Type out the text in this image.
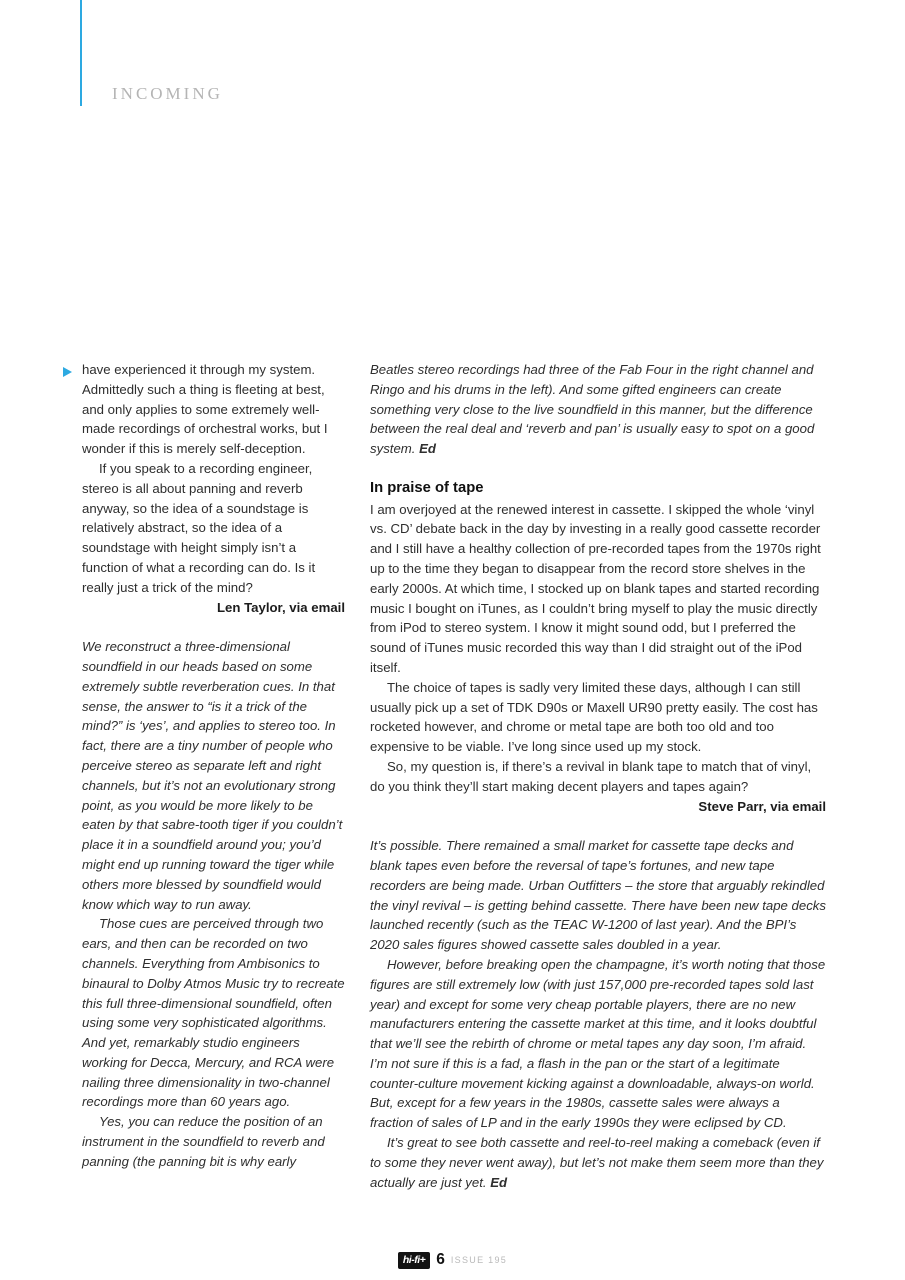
INCOMING

have experienced it through my system. Admittedly such a thing is fleeting at best, and only applies to some extremely well-made recordings of orchestral works, but I wonder if this is merely self-deception.

If you speak to a recording engineer, stereo is all about panning and reverb anyway, so the idea of a soundstage is relatively abstract, so the idea of a soundstage with height simply isn’t a function of what a recording can do. Is it really just a trick of the mind?

Len Taylor, via email

We reconstruct a three-dimensional soundfield in our heads based on some extremely subtle reverberation cues. In that sense, the answer to “is it a trick of the mind?” is ‘yes’, and applies to stereo too. In fact, there are a tiny number of people who perceive stereo as separate left and right channels, but it’s not an evolutionary strong point, as you would be more likely to be eaten by that sabre-tooth tiger if you couldn’t place it in a soundfield around you; you’d might end up running toward the tiger while others more blessed by soundfield would know which way to run away.

Those cues are perceived through two ears, and then can be recorded on two channels. Everything from Ambisonics to binaural to Dolby Atmos Music try to recreate this full three-dimensional soundfield, often using some very sophisticated algorithms. And yet, remarkably studio engineers working for Decca, Mercury, and RCA were nailing three dimensionality in two-channel recordings more than 60 years ago.

Yes, you can reduce the position of an instrument in the soundfield to reverb and panning (the panning bit is why early

Beatles stereo recordings had three of the Fab Four in the right channel and Ringo and his drums in the left). And some gifted engineers can create something very close to the live soundfield in this manner, but the difference between the real deal and ‘reverb and pan’ is usually easy to spot on a good system. Ed

In praise of tape

I am overjoyed at the renewed interest in cassette. I skipped the whole ‘vinyl vs. CD’ debate back in the day by investing in a really good cassette recorder and I still have a healthy collection of pre-recorded tapes from the 1970s right up to the time they began to disappear from the record store shelves in the early 2000s. At which time, I stocked up on blank tapes and started recording music I bought on iTunes, as I couldn’t bring myself to play the music directly from iPod to stereo system. I know it might sound odd, but I preferred the sound of iTunes music recorded this way than I did straight out of the iPod itself.

The choice of tapes is sadly very limited these days, although I can still usually pick up a set of TDK D90s or Maxell UR90 pretty easily. The cost has rocketed however, and chrome or metal tape are both too old and too expensive to be viable. I’ve long since used up my stock.

So, my question is, if there’s a revival in blank tape to match that of vinyl, do you think they’ll start making decent players and tapes again?

Steve Parr, via email

It’s possible. There remained a small market for cassette tape decks and blank tapes even before the reversal of tape’s fortunes, and new tape recorders are being made. Urban Outfitters – the store that arguably rekindled the vinyl revival – is getting behind cassette. There have been new tape decks launched recently (such as the TEAC W-1200 of last year). And the BPI’s 2020 sales figures showed cassette sales doubled in a year.

However, before breaking open the champagne, it’s worth noting that those figures are still extremely low (with just 157,000 pre-recorded tapes sold last year) and except for some very cheap portable players, there are no new manufacturers entering the cassette market at this time, and it looks doubtful that we’ll see the rebirth of chrome or metal tapes any day soon, I’m afraid. I’m not sure if this is a fad, a flash in the pan or the start of a legitimate counter-culture movement kicking against a downloadable, always-on world. But, except for a few years in the 1980s, cassette sales were always a fraction of sales of LP and in the early 1990s they were eclipsed by CD.

It’s great to see both cassette and reel-to-reel making a comeback (even if to some they never went away), but let’s not make them seem more than they actually are just yet. Ed

hi-fi+ 6 ISSUE 195
